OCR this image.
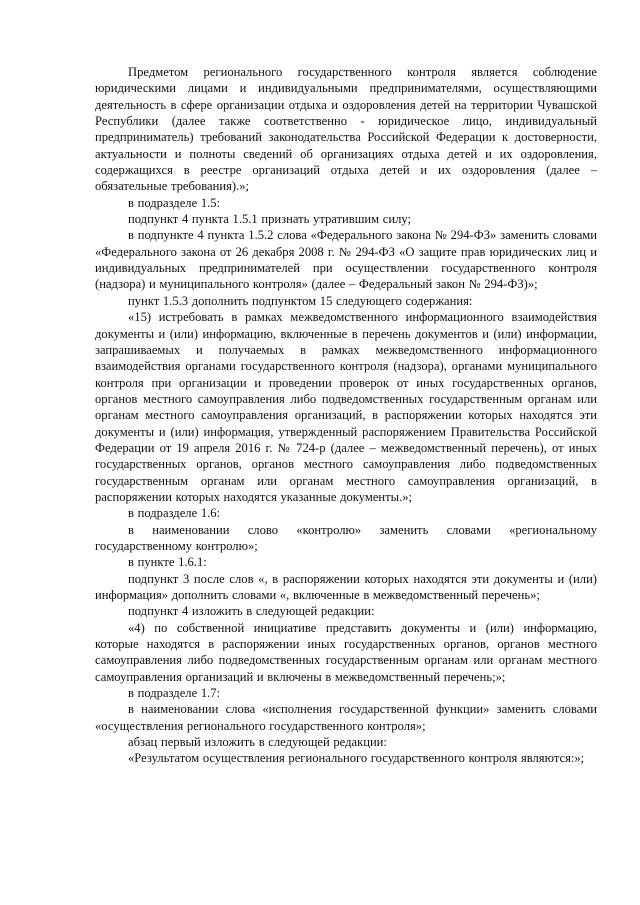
Предметом регионального государственного контроля является соблюдение юридическими лицами и индивидуальными предпринимателями, осуществляющими деятельность в сфере организации отдыха и оздоровления детей на территории Чувашской Республики (далее также соответственно - юридическое лицо, индивидуальный предприниматель) требований законодательства Российской Федерации к достоверности, актуальности и полноты сведений об организациях отдыха детей и их оздоровления, содержащихся в реестре организаций отдыха детей и их оздоровления (далее – обязательные требования).»;

в подразделе 1.5:

подпункт 4 пункта 1.5.1 признать утратившим силу;

в подпункте 4 пункта 1.5.2 слова «Федерального закона № 294-ФЗ» заменить словами «Федерального закона от 26 декабря 2008 г. № 294-ФЗ «О защите прав юридических лиц и индивидуальных предпринимателей при осуществлении государственного контроля (надзора) и муниципального контроля» (далее – Федеральный закон № 294-ФЗ)»;

пункт 1.5.3 дополнить подпунктом 15 следующего содержания:

«15) истребовать в рамках межведомственного информационного взаимодействия документы и (или) информацию, включенные в перечень документов и (или) информации, запрашиваемых и получаемых в рамках межведомственного информационного взаимодействия органами государственного контроля (надзора), органами муниципального контроля при организации и проведении проверок от иных государственных органов, органов местного самоуправления либо подведомственных государственным органам или органам местного самоуправления организаций, в распоряжении которых находятся эти документы и (или) информация, утвержденный распоряжением Правительства Российской Федерации от 19 апреля 2016 г. № 724-р (далее – межведомственный перечень), от иных государственных органов, органов местного самоуправления либо подведомственных государственным органам или органам местного самоуправления организаций, в распоряжении которых находятся указанные документы.»;

в подразделе 1.6:

в наименовании слово «контролю» заменить словами «региональному государственному контролю»;

в пункте 1.6.1:

подпункт 3 после слов «, в распоряжении которых находятся эти документы и (или) информация» дополнить словами «, включенные в межведомственный перечень»;

подпункт 4 изложить в следующей редакции:

«4) по собственной инициативе представить документы и (или) информацию, которые находятся в распоряжении иных государственных органов, органов местного самоуправления либо подведомственных государственным органам или органам местного самоуправления организаций и включены в межведомственный перечень;»;

в подразделе 1.7:

в наименовании слова «исполнения государственной функции» заменить словами «осуществления регионального государственного контроля»;

абзац первый изложить в следующей редакции:

«Результатом осуществления регионального государственного контроля являются:»;
